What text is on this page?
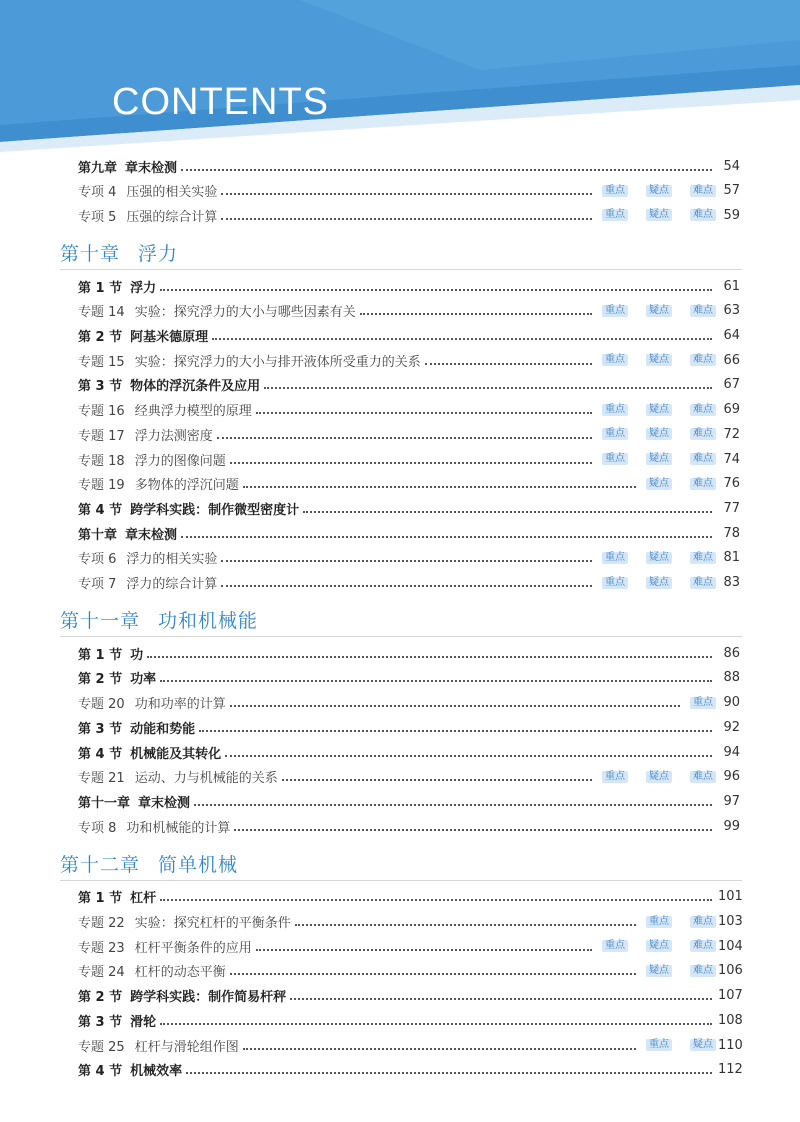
CONTENTS
第九章 章末检测	54
专项 4 压强的相关实验	重点	疑点	难点 57
专项 5 压强的综合计算	重点	疑点	难点 59
第十章 浮力
第 1 节 浮力	61
专题 14 实验：探究浮力的大小与哪些因素有关	重点	疑点	难点 63
第 2 节 阿基米德原理	64
专题 15 实验：探究浮力的大小与排开液体所受重力的关系	重点	疑点	难点 66
第 3 节 物体的浮沉条件及应用	67
专题 16 经典浮力模型的原理	重点	疑点	难点 69
专题 17 浮力法测密度	重点	疑点	难点 72
专题 18 浮力的图像问题	重点	疑点	难点 74
专题 19 多物体的浮沉问题	疑点	难点 76
第 4 节 跨学科实践：制作微型密度计	77
第十章 章末检测	78
专项 6 浮力的相关实验	重点	疑点	难点 81
专项 7 浮力的综合计算	重点	疑点	难点 83
第十一章 功和机械能
第 1 节 功	86
第 2 节 功率	88
专题 20 功和功率的计算	重点 90
第 3 节 动能和势能	92
第 4 节 机械能及其转化	94
专题 21 运动、力与机械能的关系	重点	疑点	难点 96
第十一章 章末检测	97
专项 8 功和机械能的计算	99
第十二章 简单机械
第 1 节 杠杆	101
专题 22 实验：探究杠杆的平衡条件	重点	难点 103
专题 23 杠杆平衡条件的应用	重点	疑点	难点 104
专题 24 杠杆的动态平衡	疑点	难点 106
第 2 节 跨学科实践：制作简易杆秤	107
第 3 节 滑轮	108
专题 25 杠杆与滑轮组作图	重点	疑点 110
第 4 节 机械效率	112
